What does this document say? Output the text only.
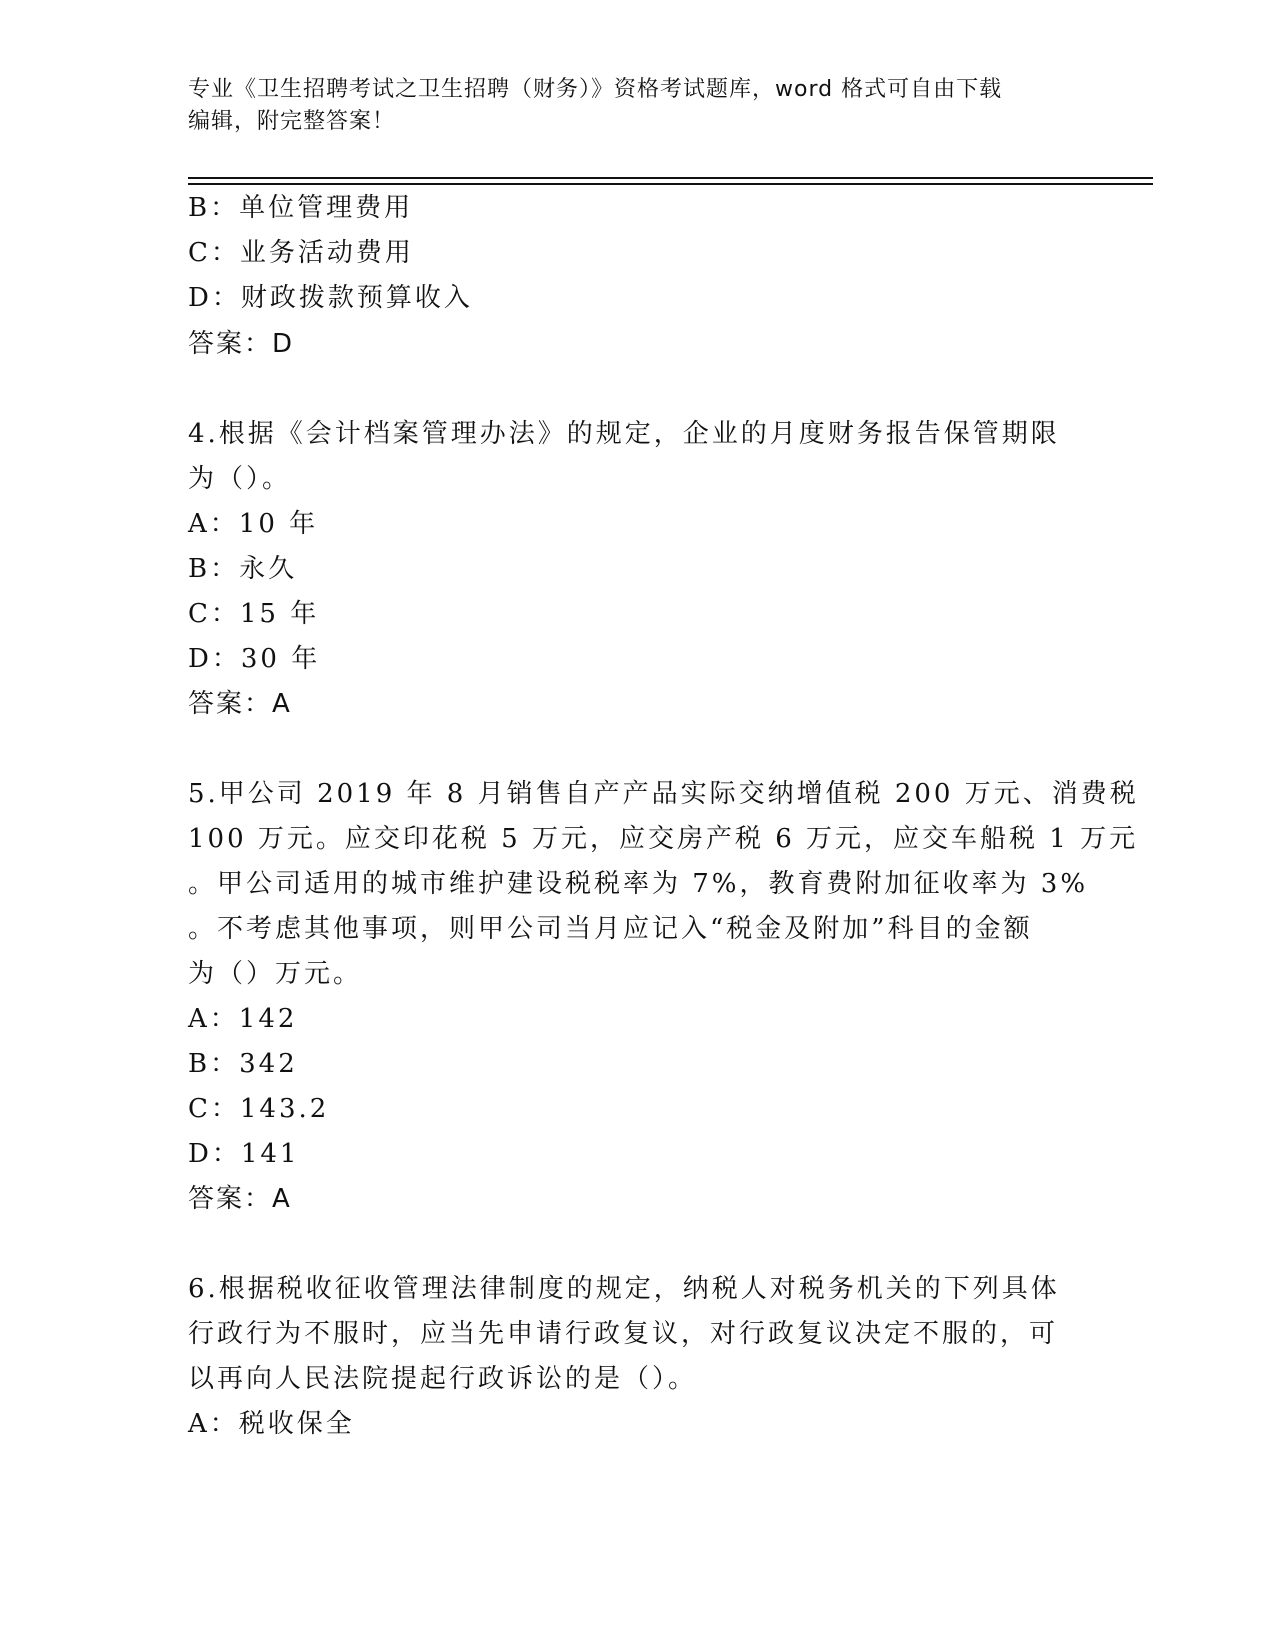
专业《卫生招聘考试之卫生招聘（财务）》资格考试题库，word 格式可自由下载
编辑，附完整答案！
B：单位管理费用
C：业务活动费用
D：财政拨款预算收入
答案：D
4.根据《会计档案管理办法》的规定，企业的月度财务报告保管期限
为（）。
A：10 年
B：永久
C：15 年
D：30 年
答案：A
5.甲公司 2019 年 8 月销售自产产品实际交纳增值税 200 万元、消费税
100 万元。应交印花税 5 万元，应交房产税 6 万元，应交车船税 1 万元
。甲公司适用的城市维护建设税税率为 7%，教育费附加征收率为 3%
。不考虑其他事项，则甲公司当月应记入“税金及附加”科目的金额
为（）万元。
A：142
B：342
C：143.2
D：141
答案：A
6.根据税收征收管理法律制度的规定，纳税人对税务机关的下列具体
行政行为不服时，应当先申请行政复议，对行政复议决定不服的，可
以再向人民法院提起行政诉讼的是（）。
A：税收保全
